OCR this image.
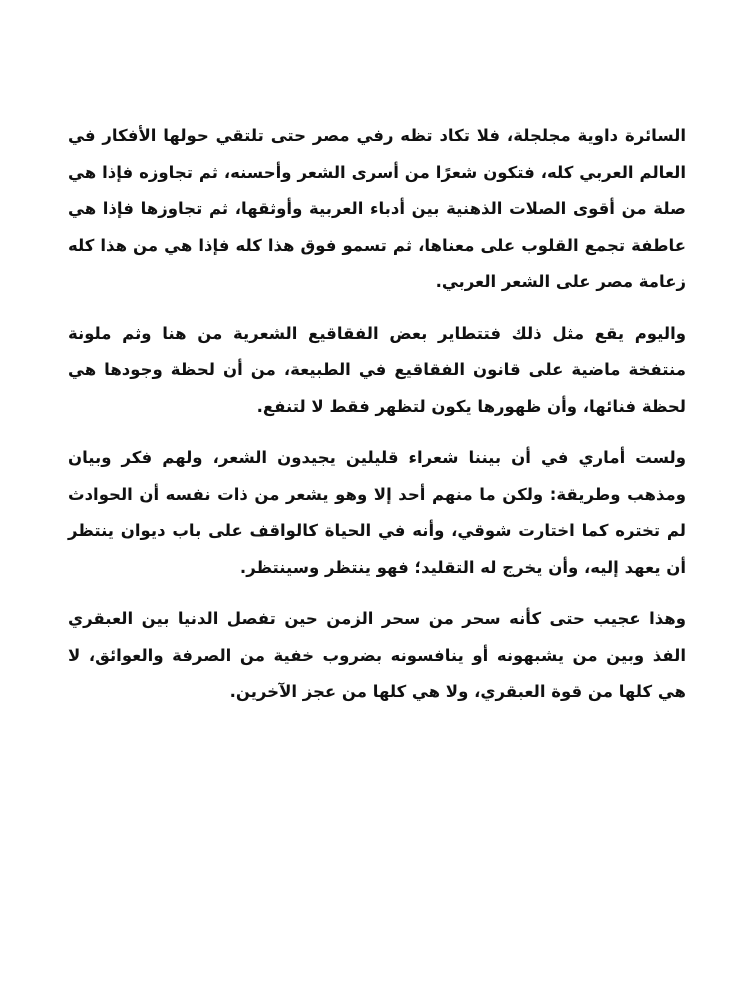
السائرة داوية مجلجلة، فلا تكاد تظه رفي مصر حتى تلتقي حولها الأفكار في العالم العربي كله، فتكون شعرًا من أسرى الشعر وأحسنه، ثم تجاوزه فإذا هي صلة من أقوى الصلات الذهنية بين أدباء العربية وأوثقها، ثم تجاوزها فإذا هي عاطفة تجمع القلوب على معناها، ثم تسمو فوق هذا كله فإذا هي من هذا كله زعامة مصر على الشعر العربي.

واليوم يقع مثل ذلك فتتطاير بعض الفقاقيع الشعرية من هنا وثم ملونة منتفخة ماضية على قانون الفقاقيع في الطبيعة، من أن لحظة وجودها هي لحظة فنائها، وأن ظهورها يكون لتظهر فقط لا لتنفع.

ولست أماري في أن بيننا شعراء قليلين يجيدون الشعر، ولهم فكر وبيان ومذهب وطريقة: ولكن ما منهم أحد إلا وهو يشعر من ذات نفسه أن الحوادث لم تختره كما اختارت شوقي، وأنه في الحياة كالواقف على باب ديوان ينتظر أن يعهد إليه، وأن يخرج له التقليد؛ فهو ينتظر وسينتظر.

وهذا عجيب حتى كأنه سحر من سحر الزمن حين تفصل الدنيا بين العبقري الفذ وبين من يشبهونه أو ينافسونه بضروب خفية من الصرفة والعوائق، لا هي كلها من قوة العبقري، ولا هي كلها من عجز الآخرين.
